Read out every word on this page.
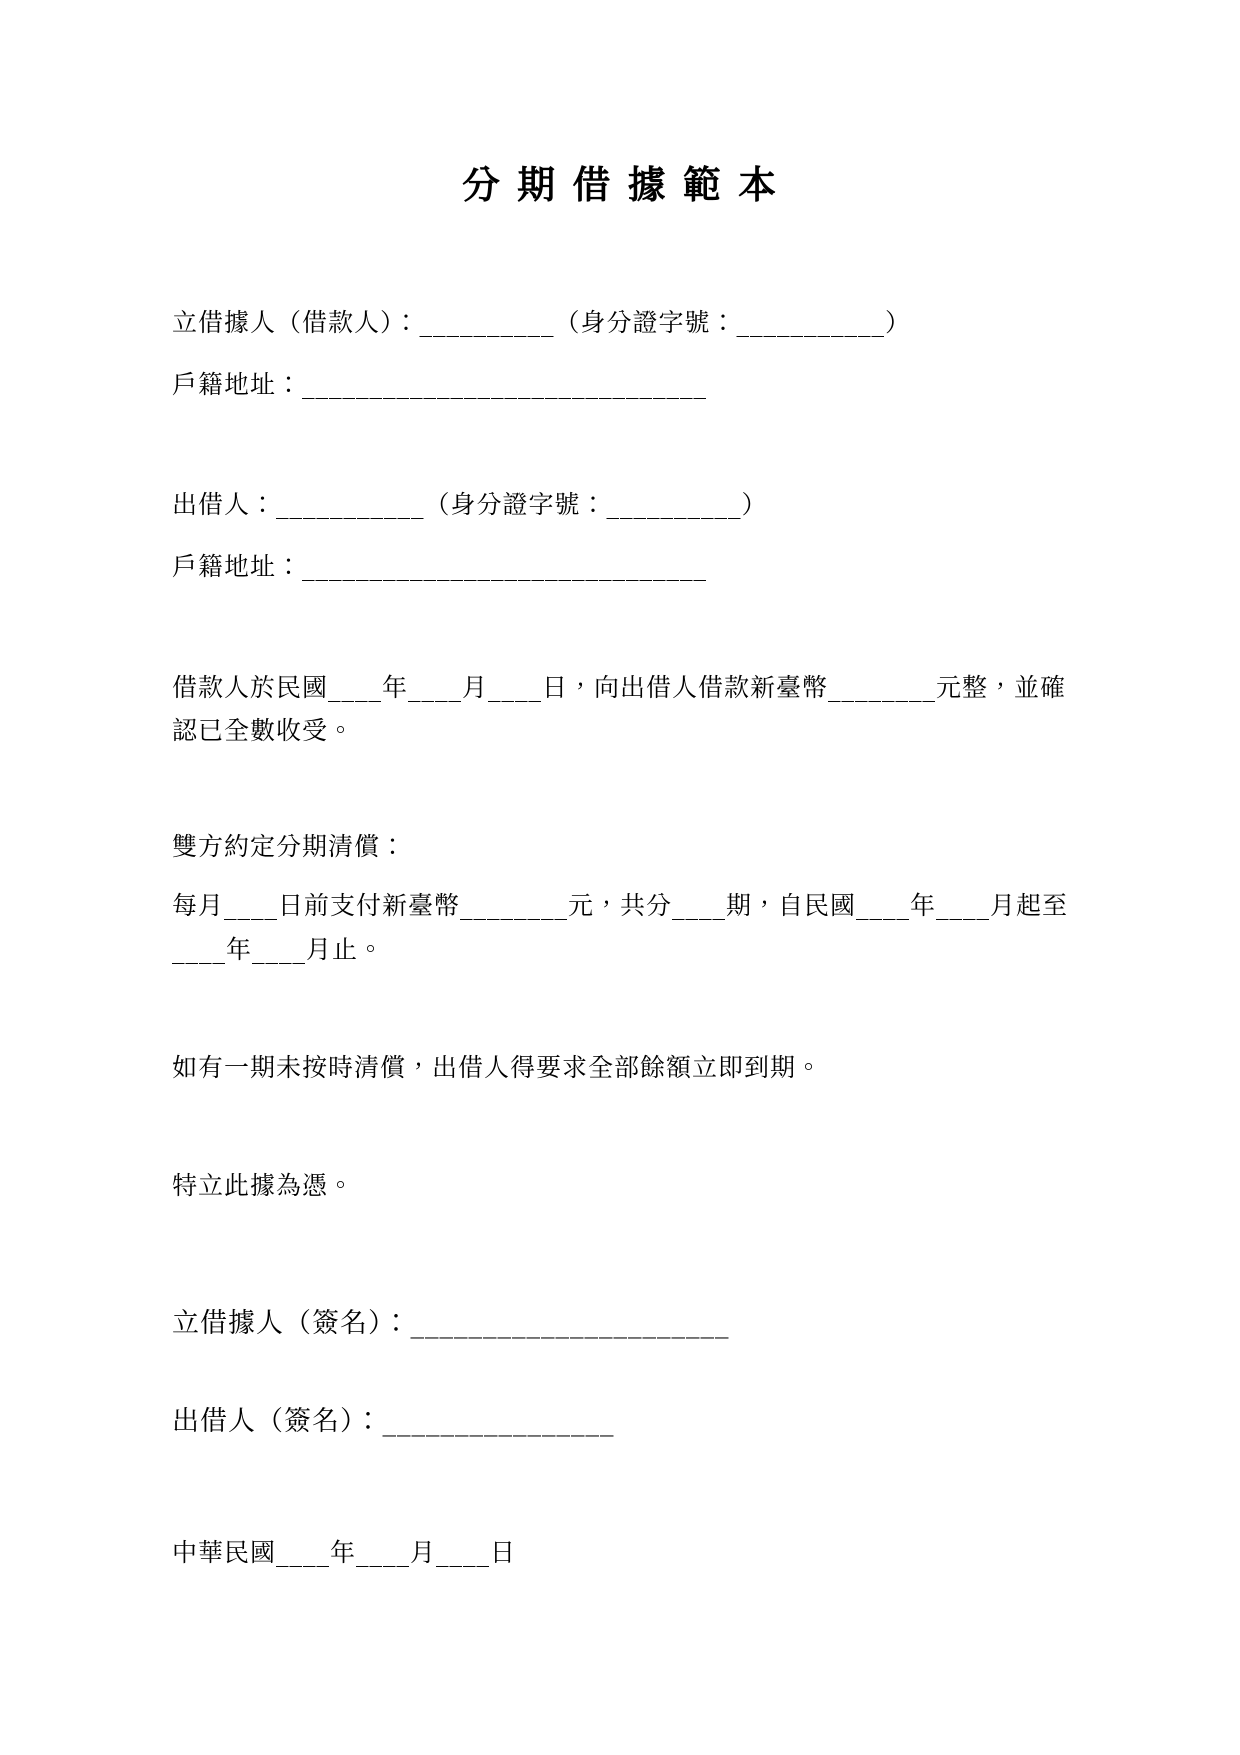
分 期 借 據 範 本
立借據人（借款人）：__________（身分證字號：___________）
戶籍地址：______________________________
出借人：___________（身分證字號：__________）
戶籍地址：______________________________
借款人於民國____年____月____日，向出借人借款新臺幣________元整，並確
認已全數收受。
雙方約定分期清償：
每月____日前支付新臺幣________元，共分____期，自民國____年____月起至
____年____月止。
如有一期未按時清償，出借人得要求全部餘額立即到期。
特立此據為憑。
立借據人（簽名）：______________________
出借人（簽名）：________________
中華民國____年____月____日
